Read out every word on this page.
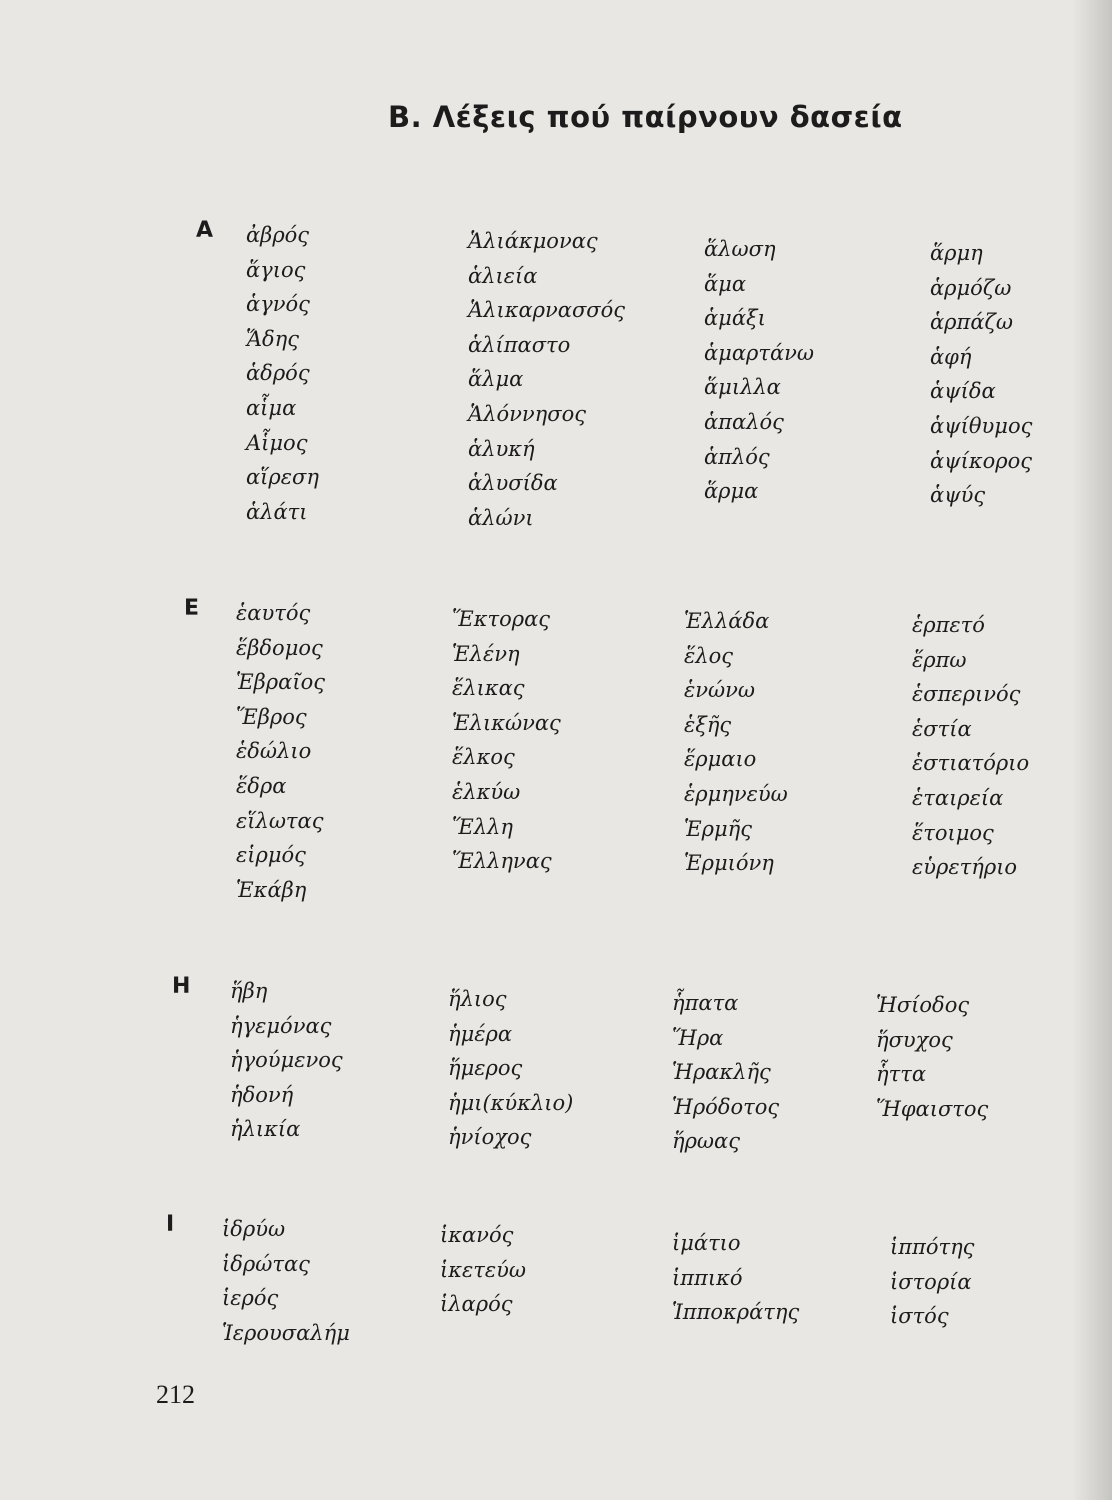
Β. Λέξεις πού παίρνουν δασεία
Α ἀβρός
ἅγιος
ἁγνός
Ἅδης
ἁδρός
αἷμα
Αἷμος
αἵρεση
ἁλάτι
Ἁλιάκμονας
ἁλιεία
Ἁλικαρνασσός
ἁλίπαστο
ἅλμα
Ἁλόννησος
ἁλυκή
ἁλυσίδα
ἁλώνι
ἅλωση
ἅμα
ἁμάξι
ἁμαρτάνω
ἅμιλλα
ἁπαλός
ἁπλός
ἅρμα
ἅρμη
ἁρμόζω
ἁρπάζω
ἁφή
ἁψίδα
ἁψίθυμος
ἁψίκορος
ἁψύς
Ε ἑαυτός
ἕβδομος
Ἑβραῖος
Ἕβρος
ἑδώλιο
ἕδρα
εἵλωτας
εἱρμός
Ἑκάβη
Ἕκτορας
Ἑλένη
ἕλικας
Ἑλικώνας
ἕλκος
ἑλκύω
Ἕλλη
Ἕλληνας
Ἑλλάδα
ἕλος
ἑνώνω
ἑξῆς
ἕρμαιο
ἑρμηνεύω
Ἑρμῆς
Ἑρμιόνη
ἑρπετό
ἕρπω
ἑσπερινός
ἑστία
ἑστιατόριο
ἑταιρεία
ἕτοιμος
εὑρετήριο
Η ἥβη
ἡγεμόνας
ἡγούμενος
ἡδονή
ἡλικία
ἥλιος
ἡμέρα
ἥμερος
ἡμι(κύκλιο)
ἡνίοχος
ἧπατα
Ἥρα
Ἡρακλῆς
Ἡρόδοτος
ἥρωας
Ἡσίοδος
ἥσυχος
ἧττα
Ἥφαιστος
Ι ἱδρύω
ἱδρώτας
ἱερός
Ἱερουσαλήμ
ἱκανός
ἱκετεύω
ἱλαρός
ἱμάτιο
ἱππικό
Ἱπποκράτης
ἱππότης
ἱστορία
ἱστός
212
